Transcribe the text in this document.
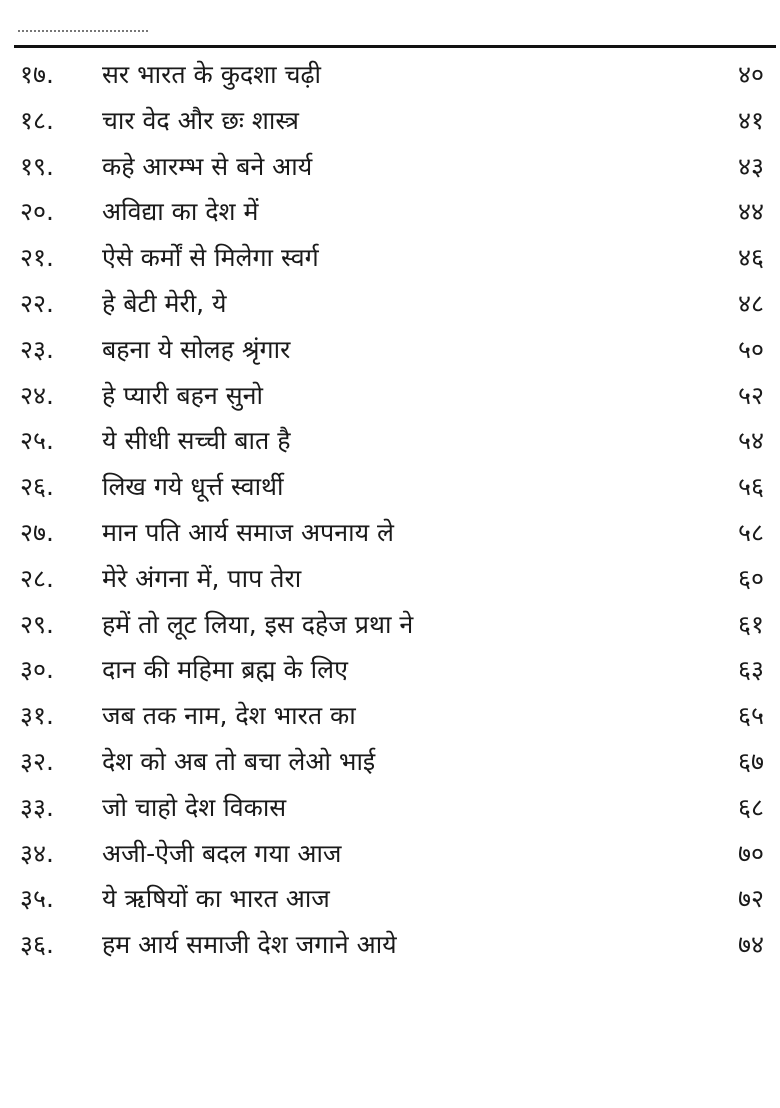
१७. सर भारत के कुदशा चढ़ी	४०
१८. चार वेद और छः शास्त्र	४१
१९. कहे आरम्भ से बने आर्य	४३
२०. अविद्या का देश में	४४
२१. ऐसे कर्मों से मिलेगा स्वर्ग	४६
२२. हे बेटी मेरी, ये	४८
२३. बहना ये सोलह श्रृंगार	५०
२४. हे प्यारी बहन सुनो	५२
२५. ये सीधी सच्ची बात है	५४
२६. लिख गये धूर्त्त स्वार्थी	५६
२७. मान पति आर्य समाज अपनाय ले	५८
२८. मेरे अंगना में, पाप तेरा	६०
२९. हमें तो लूट लिया, इस दहेज प्रथा ने	६१
३०. दान की महिमा ब्रह्म के लिए	६३
३१. जब तक नाम, देश भारत का	६५
३२. देश को अब तो बचा लेओ भाई	६७
३३. जो चाहो देश विकास	६८
३४. अजी-ऐजी बदल गया आज	७०
३५. ये ऋषियों का भारत आज	७२
३६. हम आर्य समाजी देश जगाने आये	७४
